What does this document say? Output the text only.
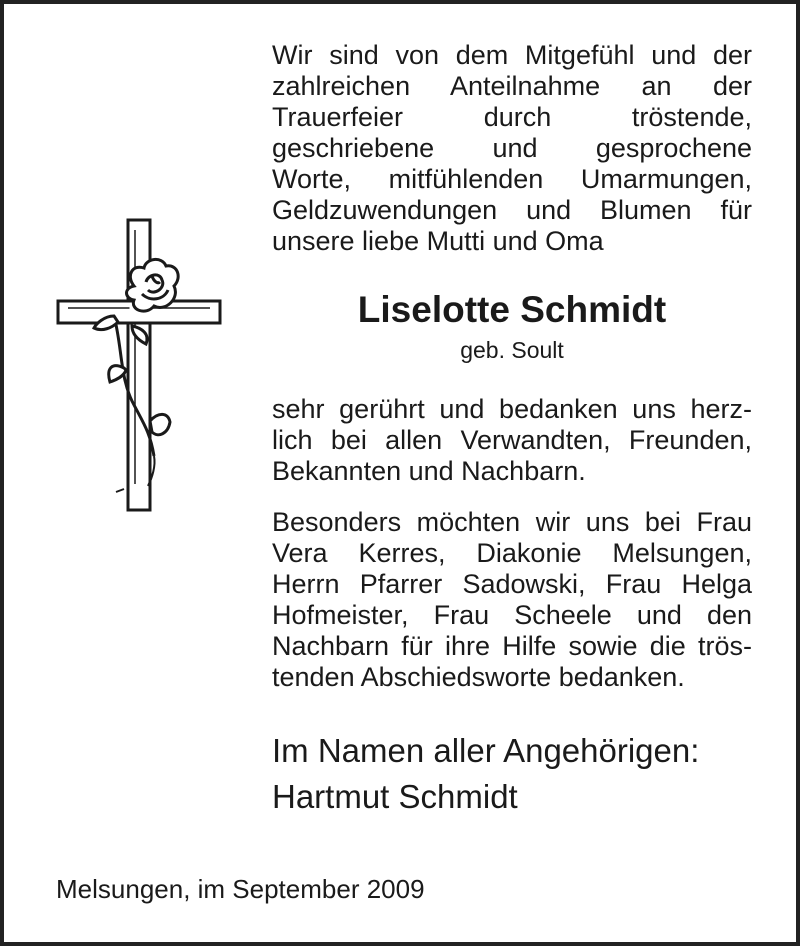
Wir sind von dem Mitgefühl und der
zahlreichen Anteilnahme an der
Trauerfeier durch tröstende,
geschriebene und gesprochene
Worte, mitfühlenden Umarmungen,
Geldzuwendungen und Blumen für
unsere liebe Mutti und Oma
Liselotte Schmidt
geb. Soult
sehr gerührt und bedanken uns herz-
lich bei allen Verwandten, Freunden,
Bekannten und Nachbarn.
Besonders möchten wir uns bei Frau
Vera Kerres, Diakonie Melsungen,
Herrn Pfarrer Sadowski, Frau Helga
Hofmeister, Frau Scheele und den
Nachbarn für ihre Hilfe sowie die trös-
tenden Abschiedsworte bedanken.
Im Namen aller Angehörigen:
Hartmut Schmidt
Melsungen, im September 2009
